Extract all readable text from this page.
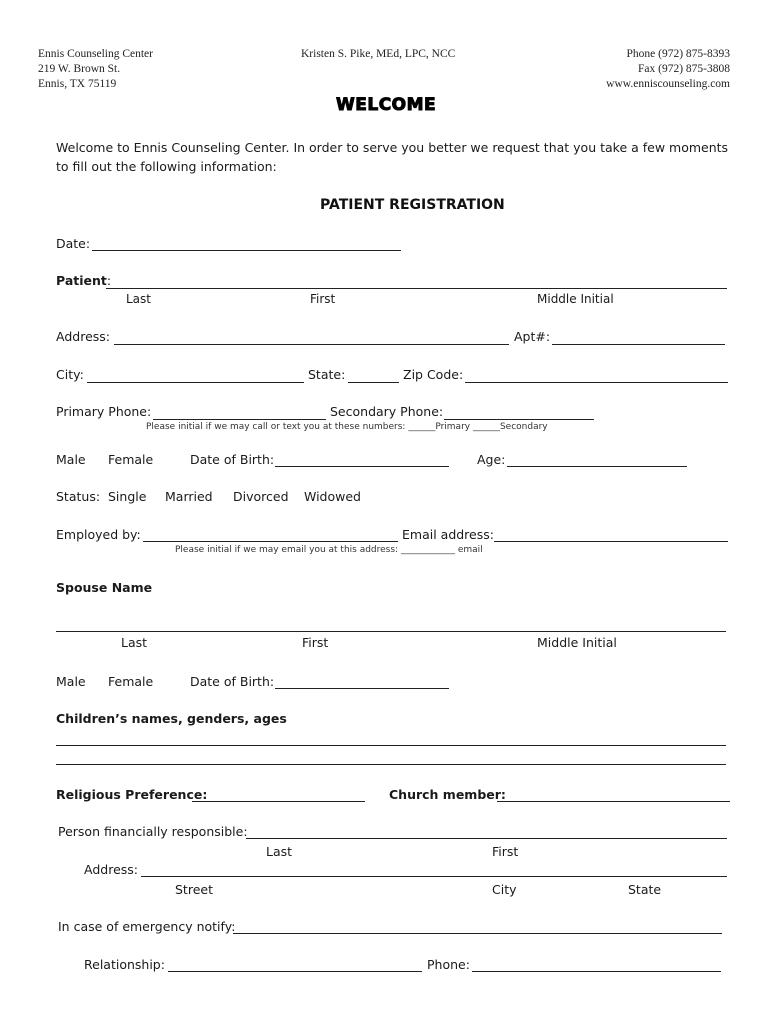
Ennis Counseling Center
219 W. Brown St.
Ennis, TX 75119
Kristen S. Pike, MEd, LPC, NCC	Phone (972) 875-8393
Fax (972) 875-3808
www.enniscounseling.com
WELCOME
Welcome to Ennis Counseling Center. In order to serve you better we request that you take a few moments
to fill out the following information:
PATIENT REGISTRATION
Date:
Patient:
Last	First	Middle Initial
Address:	Apt#:
City:	State:	Zip Code:
Primary Phone:	Secondary Phone:
Please initial if we may call or text you at these numbers: ______Primary ______Secondary
Male Female	Date of Birth:	Age:
Status: Single Married Divorced Widowed
Employed by:	Email address:
Please initial if we may email you at this address: ____________ email
Spouse Name
Last	First	Middle Initial
Male Female	Date of Birth:
Children’s names, genders, ages
Religious Preference:	Church member:
Person financially responsible:
Last	First
Address:
Street	City	State
In case of emergency notify:
Relationship:	Phone:
